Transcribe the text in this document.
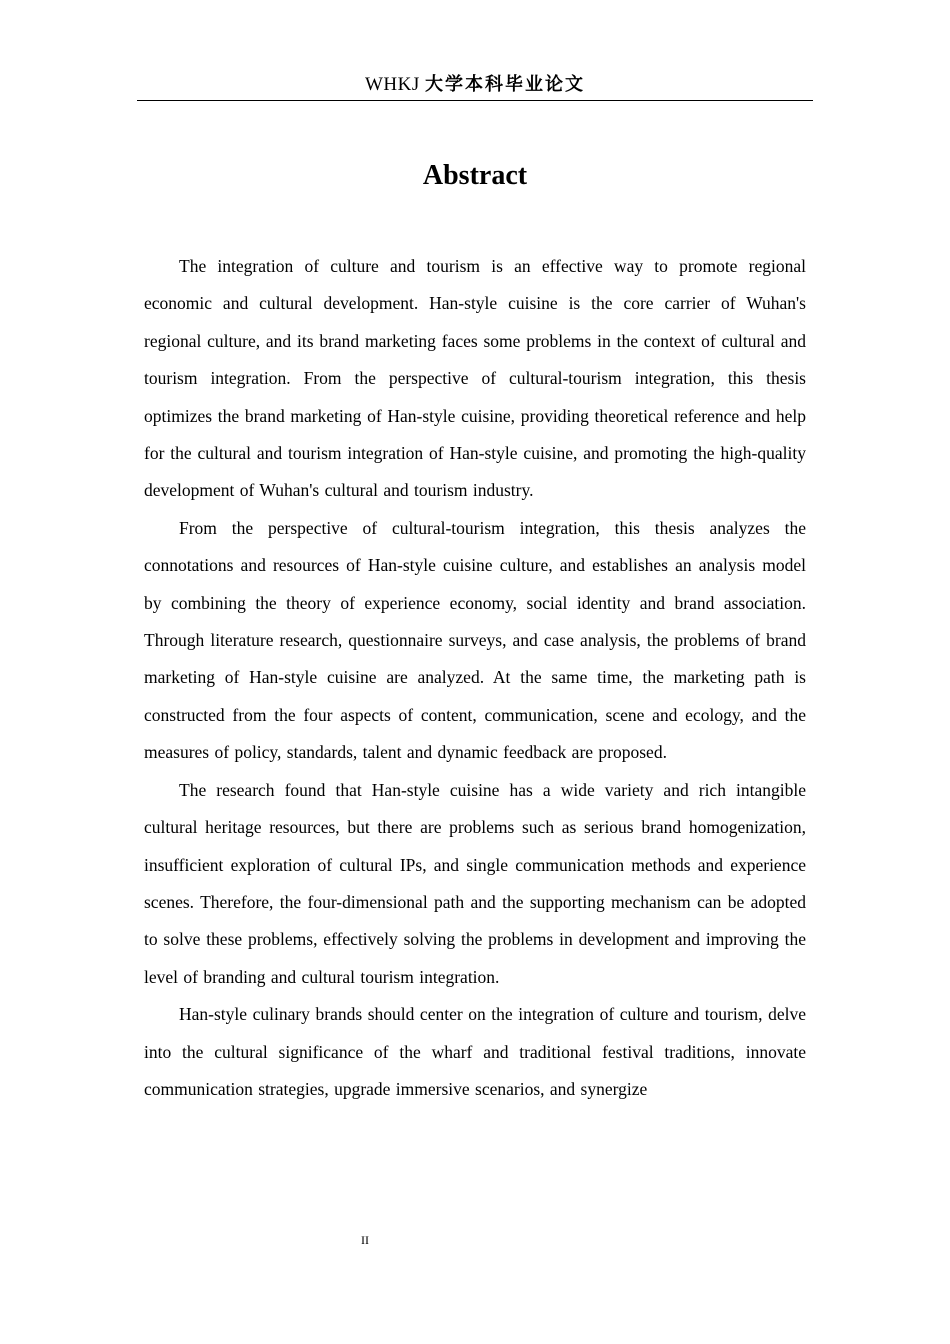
WHKJ 大学本科毕业论文
Abstract

The integration of culture and tourism is an effective way to promote regional economic and cultural development. Han-style cuisine is the core carrier of Wuhan's regional culture, and its brand marketing faces some problems in the context of cultural and tourism integration. From the perspective of cultural-tourism integration, this thesis optimizes the brand marketing of Han-style cuisine, providing theoretical reference and help for the cultural and tourism integration of Han-style cuisine, and promoting the high-quality development of Wuhan's cultural and tourism industry.

From the perspective of cultural-tourism integration, this thesis analyzes the connotations and resources of Han-style cuisine culture, and establishes an analysis model by combining the theory of experience economy, social identity and brand association. Through literature research, questionnaire surveys, and case analysis, the problems of brand marketing of Han-style cuisine are analyzed. At the same time, the marketing path is constructed from the four aspects of content, communication, scene and ecology, and the measures of policy, standards, talent and dynamic feedback are proposed.

The research found that Han-style cuisine has a wide variety and rich intangible cultural heritage resources, but there are problems such as serious brand homogenization, insufficient exploration of cultural IPs, and single communication methods and experience scenes. Therefore, the four-dimensional path and the supporting mechanism can be adopted to solve these problems, effectively solving the problems in development and improving the level of branding and cultural tourism integration.

Han-style culinary brands should center on the integration of culture and tourism, delve into the cultural significance of the wharf and traditional festival traditions, innovate communication strategies, upgrade immersive scenarios, and synergize

II
